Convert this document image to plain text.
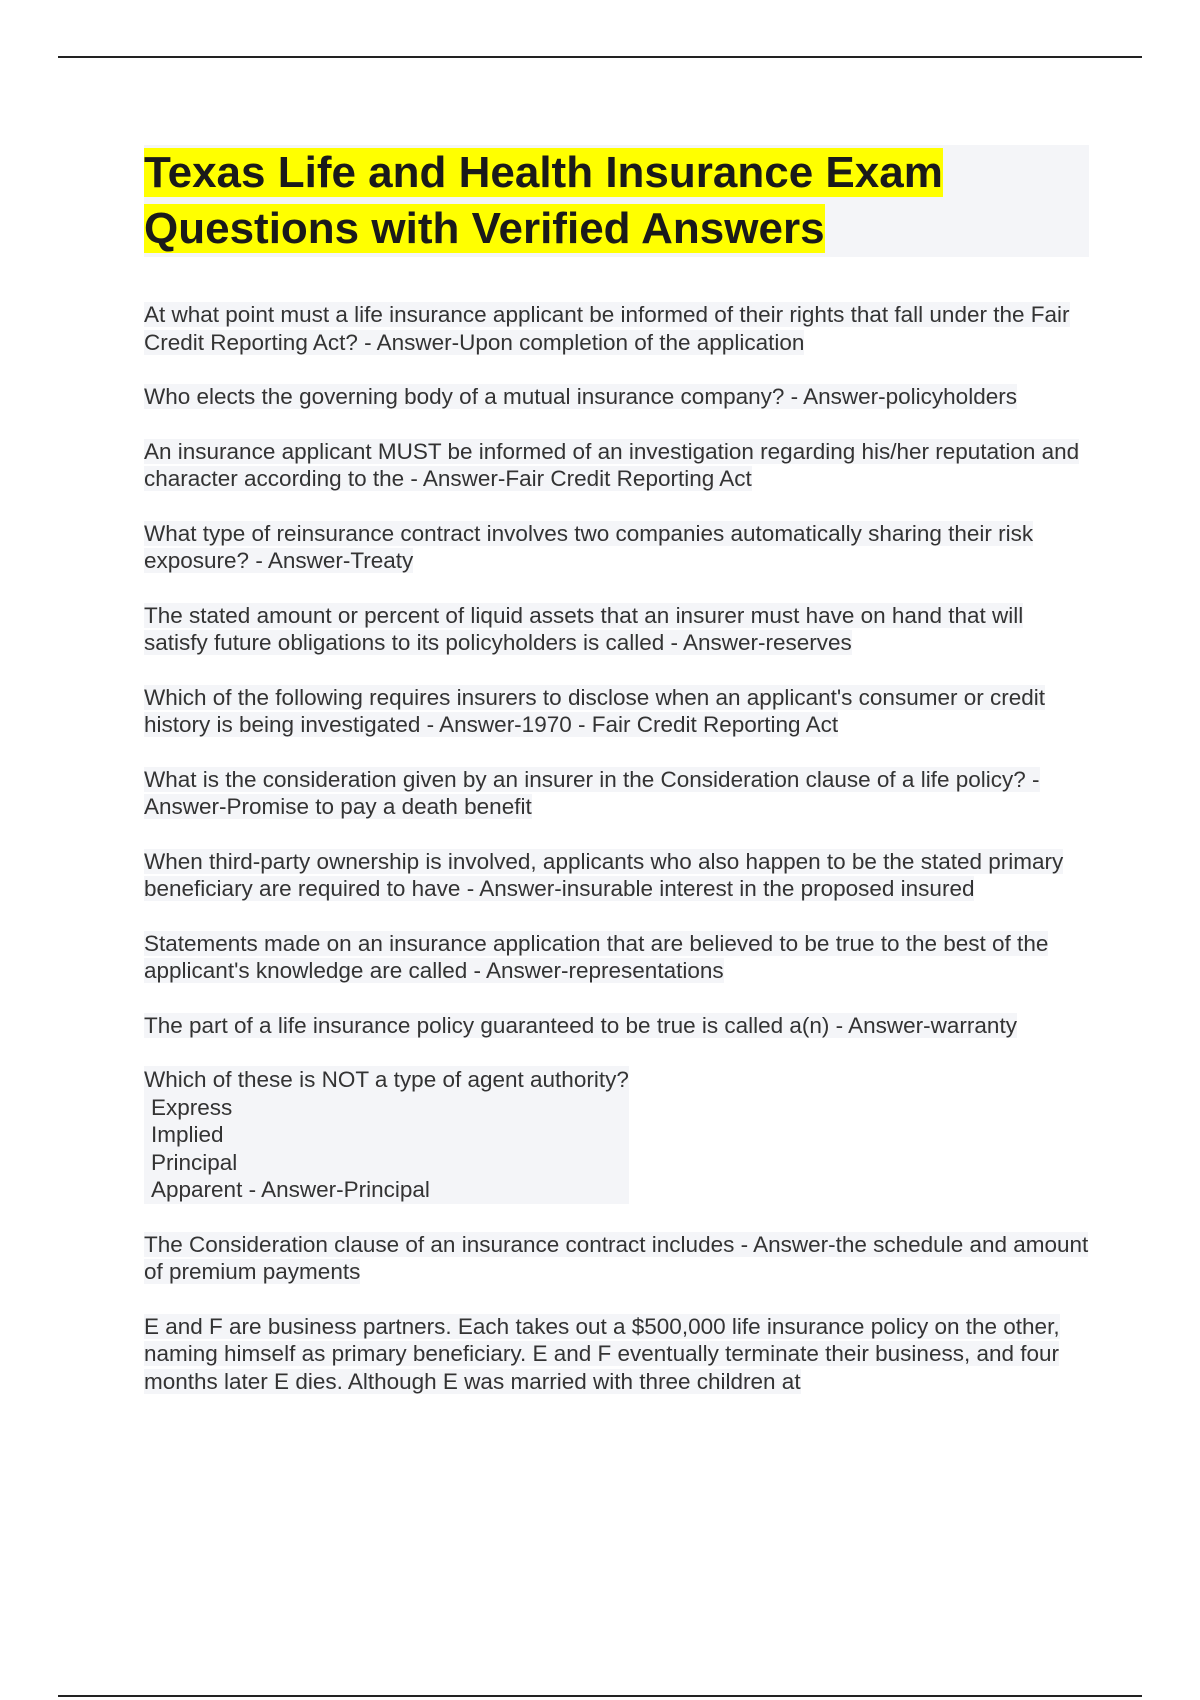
Texas Life and Health Insurance Exam Questions with Verified Answers
At what point must a life insurance applicant be informed of their rights that fall under the Fair Credit Reporting Act? - Answer-Upon completion of the application
Who elects the governing body of a mutual insurance company? - Answer-policyholders
An insurance applicant MUST be informed of an investigation regarding his/her reputation and character according to the - Answer-Fair Credit Reporting Act
What type of reinsurance contract involves two companies automatically sharing their risk exposure? - Answer-Treaty
The stated amount or percent of liquid assets that an insurer must have on hand that will satisfy future obligations to its policyholders is called - Answer-reserves
Which of the following requires insurers to disclose when an applicant's consumer or credit history is being investigated - Answer-1970 - Fair Credit Reporting Act
What is the consideration given by an insurer in the Consideration clause of a life policy? - Answer-Promise to pay a death benefit
When third-party ownership is involved, applicants who also happen to be the stated primary beneficiary are required to have - Answer-insurable interest in the proposed insured
Statements made on an insurance application that are believed to be true to the best of the applicant's knowledge are called - Answer-representations
The part of a life insurance policy guaranteed to be true is called a(n) - Answer-warranty
Which of these is NOT a type of agent authority?
Express
Implied
Principal
Apparent - Answer-Principal
The Consideration clause of an insurance contract includes - Answer-the schedule and amount of premium payments
E and F are business partners. Each takes out a $500,000 life insurance policy on the other, naming himself as primary beneficiary. E and F eventually terminate their business, and four months later E dies. Although E was married with three children at
